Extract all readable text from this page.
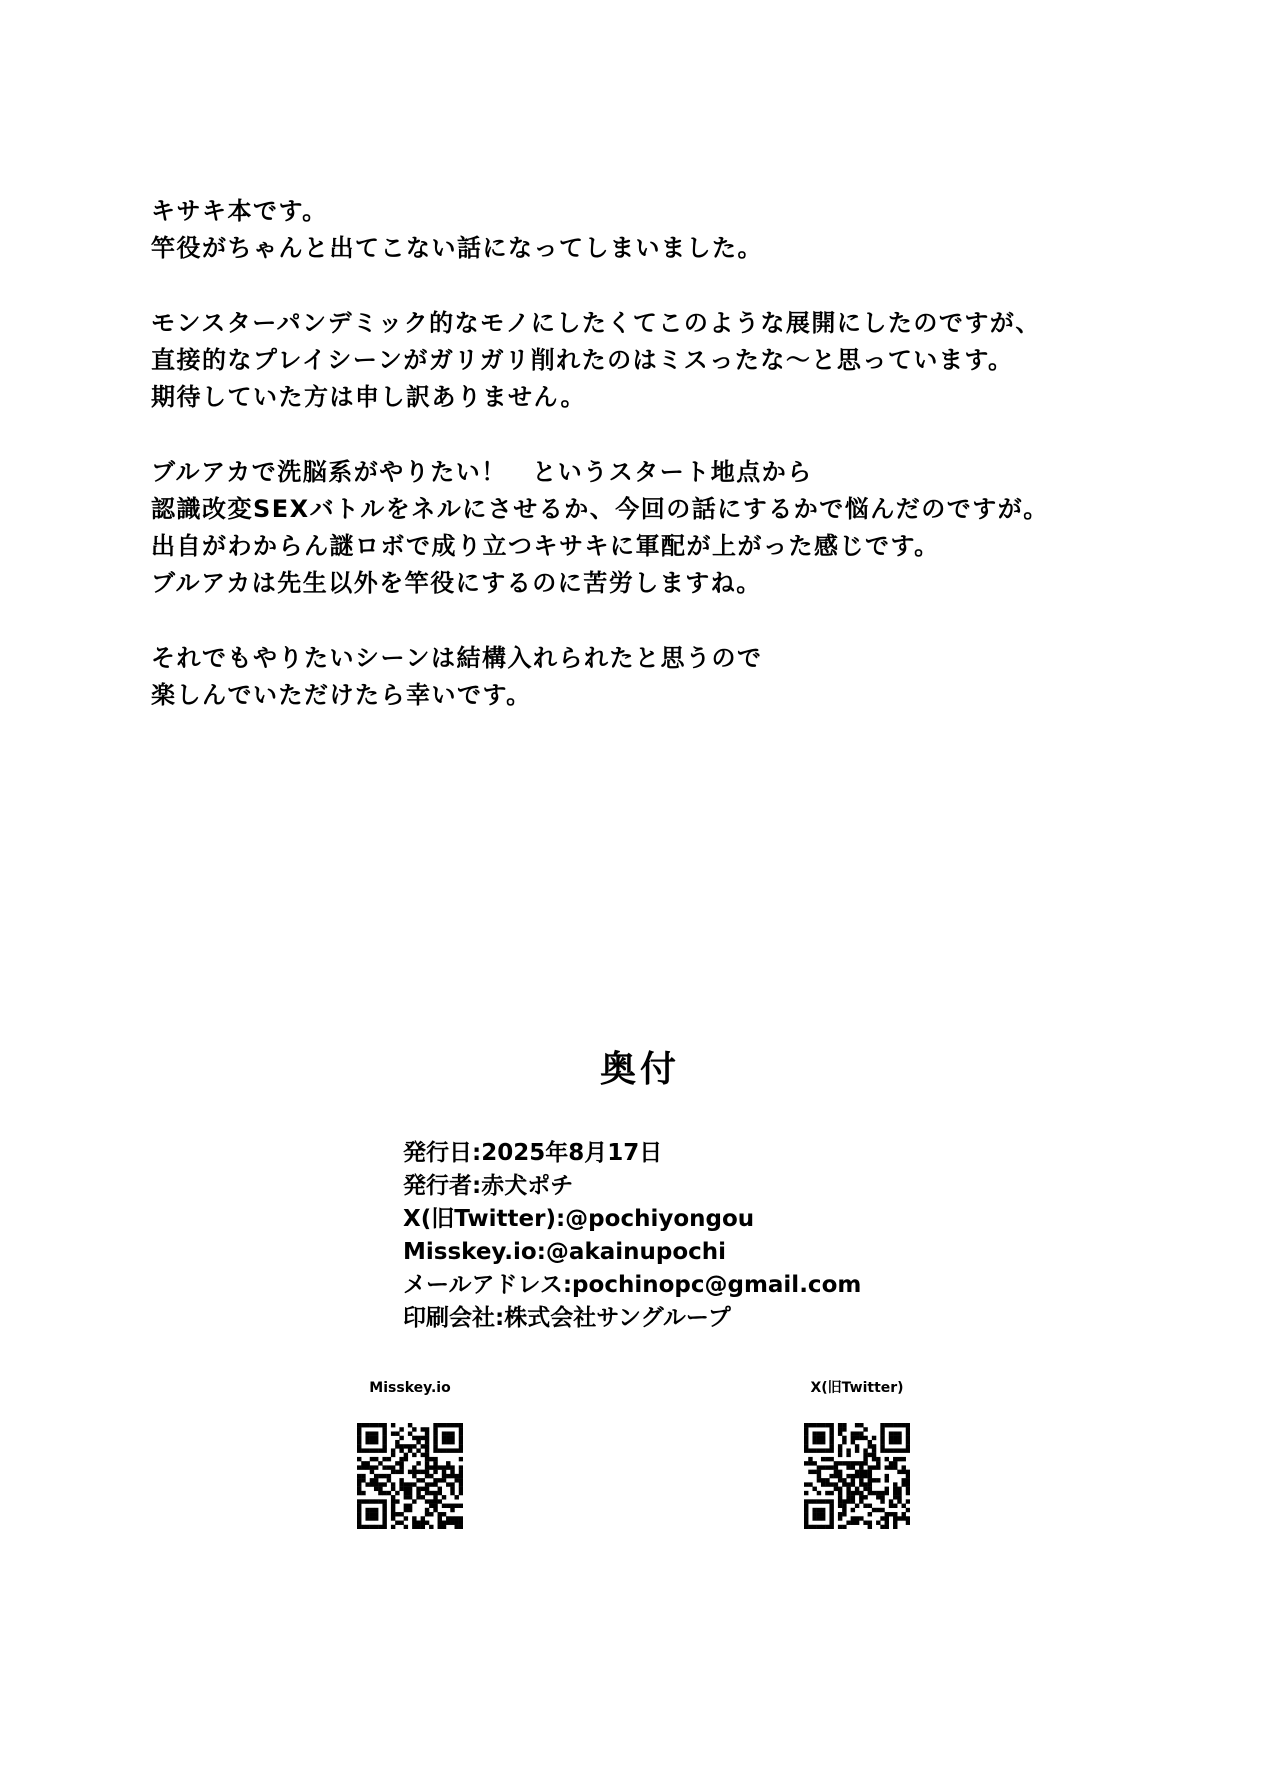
キサキ本です。
竿役がちゃんと出てこない話になってしまいました。
モンスターパンデミック的なモノにしたくてこのような展開にしたのですが、
直接的なプレイシーンがガリガリ削れたのはミスったな〜と思っています。
期待していた方は申し訳ありません。
ブルアカで洗脳系がやりたい！　というスタート地点から
認識改変SEXバトルをネルにさせるか、今回の話にするかで悩んだのですが。
出自がわからん謎ロボで成り立つキサキに軍配が上がった感じです。
ブルアカは先生以外を竿役にするのに苦労しますね。
それでもやりたいシーンは結構入れられたと思うので
楽しんでいただけたら幸いです。
奥付
発行日:2025年8月17日
発行者:赤犬ポチ
X(旧Twitter):@pochiyongou
Misskey.io:@akainupochi
メールアドレス:pochinopc@gmail.com
印刷会社:株式会社サングループ
Misskey.io	X(旧Twitter)
